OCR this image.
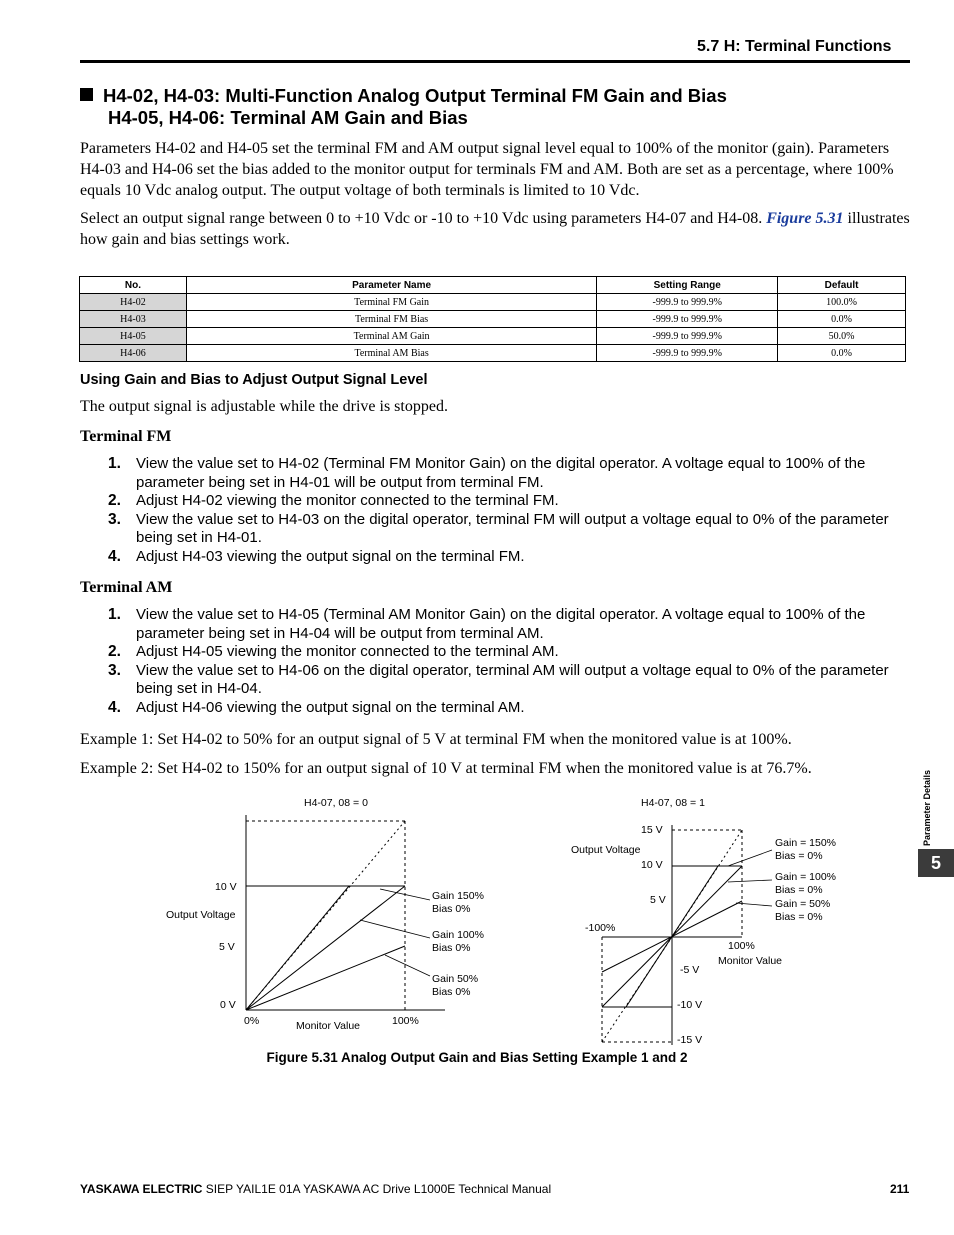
5.7 H: Terminal Functions
H4-02, H4-03: Multi-Function Analog Output Terminal FM Gain and Bias
H4-05, H4-06: Terminal AM Gain and Bias
Parameters H4-02 and H4-05 set the terminal FM and AM output signal level equal to 100% of the monitor (gain). Parameters H4-03 and H4-06 set the bias added to the monitor output for terminals FM and AM. Both are set as a percentage, where 100% equals 10 Vdc analog output. The output voltage of both terminals is limited to 10 Vdc.
Select an output signal range between 0 to +10 Vdc or -10 to +10 Vdc using parameters H4-07 and H4-08. Figure 5.31 illustrates how gain and bias settings work.
No.	Parameter Name	Setting Range	Default
H4-02	Terminal FM Gain	-999.9 to 999.9%	100.0%
H4-03	Terminal FM Bias	-999.9 to 999.9%	0.0%
H4-05	Terminal AM Gain	-999.9 to 999.9%	50.0%
H4-06	Terminal AM Bias	-999.9 to 999.9%	0.0%
Using Gain and Bias to Adjust Output Signal Level
The output signal is adjustable while the drive is stopped.
Terminal FM
1. View the value set to H4-02 (Terminal FM Monitor Gain) on the digital operator. A voltage equal to 100% of the parameter being set in H4-01 will be output from terminal FM.
2. Adjust H4-02 viewing the monitor connected to the terminal FM.
3. View the value set to H4-03 on the digital operator, terminal FM will output a voltage equal to 0% of the parameter being set in H4-01.
4. Adjust H4-03 viewing the output signal on the terminal FM.
Terminal AM
1. View the value set to H4-05 (Terminal AM Monitor Gain) on the digital operator. A voltage equal to 100% of the parameter being set in H4-04 will be output from terminal AM.
2. Adjust H4-05 viewing the monitor connected to the terminal AM.
3. View the value set to H4-06 on the digital operator, terminal AM will output a voltage equal to 0% of the parameter being set in H4-04.
4. Adjust H4-06 viewing the output signal on the terminal AM.
Example 1: Set H4-02 to 50% for an output signal of 5 V at terminal FM when the monitored value is at 100%.
Example 2: Set H4-02 to 150% for an output signal of 10 V at terminal FM when the monitored value is at 76.7%.
H4-07, 08 = 0
10 V
5 V
0 V
Output Voltage
0%	100%
Monitor Value
Gain 150%
Bias 0%
Gain 100%
Bias 0%
Gain 50%
Bias 0%
H4-07, 08 = 1
15 V
10 V
5 V
-5 V
-10 V
-15 V
Output Voltage
-100%
100%
Monitor Value
Gain = 150%
Bias = 0%
Gain = 100%
Bias = 0%
Gain = 50%
Bias = 0%
Figure 5.31 Analog Output Gain and Bias Setting Example 1 and 2
Parameter Details
5
YASKAWA ELECTRIC SIEP YAIL1E 01A YASKAWA AC Drive L1000E Technical Manual	211
